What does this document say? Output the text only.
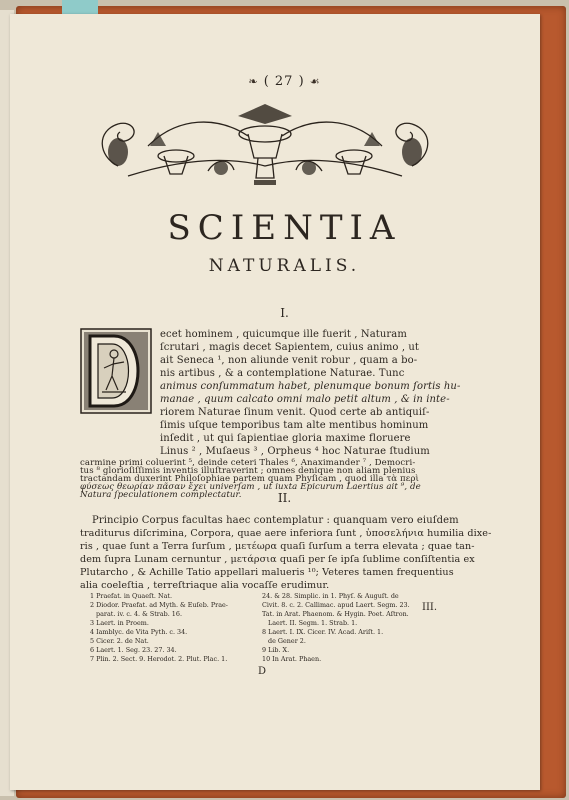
❧ ( 27 ) ☙
SCIENTIA
NATURALIS.
I.
ecet hominem , quicumque ille fuerit , Naturam
ſcrutari , magis decet Sapientem, cuius animo , ut
ait Seneca ¹, non aliunde venit robur , quam a bo-
nis artibus , & a contemplatione Naturae. Tunc
animus conſummatum habet, plenumque bonum ſortis hu-
manae , quum calcato omni malo petit altum , & in inte-
riorem Naturae ſinum venit. Quod certe ab antiquiſ-
ſimis uſque temporibus tam alte mentibus hominum
inſedit , ut qui ſapientiae gloria maxime floruere
Linus ² , Muſaeus ³ , Orpheus ⁴ hoc Naturae ſtudium
II.
Principio Corpus facultas haec contemplatur : quanquam vero eiuſdem
traditurus diſcrimina, Corpora, quae aere inferiora ſunt , ὑποσελήνια humilia dixe-
ris , quae ſunt a Terra ſurſum , μετέωρα quaſi ſurſum a terra elevata ; quae tan-
dem ſupra Lunam cernuntur , μετάρσια quaſi per ſe ipſa ſublime conſiſtentia ex
Plutarcho , & Achille Tatio appellari malueris ¹⁰; Veteres tamen frequentius
alia coeleſtia , terreſtriaque alia vocaſſe erudimur.
III.
1 Praefat. in Quaeſt. Nat.
2 Diodor. Praefat. ad Myth. & Euſeb. Prae-
parat. iv. c. 4. & Strab. 16.
3 Laert. in Proem.
4 Iamblyc. de Vita Pyth. c. 34.
5 Cicer. 2. de Nat.
6 Laert. 1. Seg. 23. 27. 34.
7 Plin. 2. Sect. 9. Herodot. 2. Plut. Plac. 1.
24. & 28. Simplic. in 1. Phyſ. & Auguſt. de
Civit. 8. c. 2. Callimac. apud Laert. Segm. 23.
Tat. in Arat. Phaenom. & Hygin. Poet. Aſtron.
Laert. II. Segm. 1. Strab. 1.
8 Laert. I. IX. Cicer. IV. Acad. Ariſt. 1.
de Gener 2.
9 Lib. X.
10 In Arat. Phaen.
D
carmine primi coluerint ⁵, deinde ceteri Thales ⁶, Anaximander ⁷ , Democri-
tus ⁸ glorioſiſſimis inventis illuſtraverint ; omnes denique non aliam plenius
tractandam duxerint Philoſophiae partem quam Phyſicam , quod illa τὰ περὶ
φύσεως θεωρίαν πᾶσαν ἔχει univerſam , ut iuxta Epicurum Laertius ait ⁹, de
Natura ſpeculationem complectatur.
